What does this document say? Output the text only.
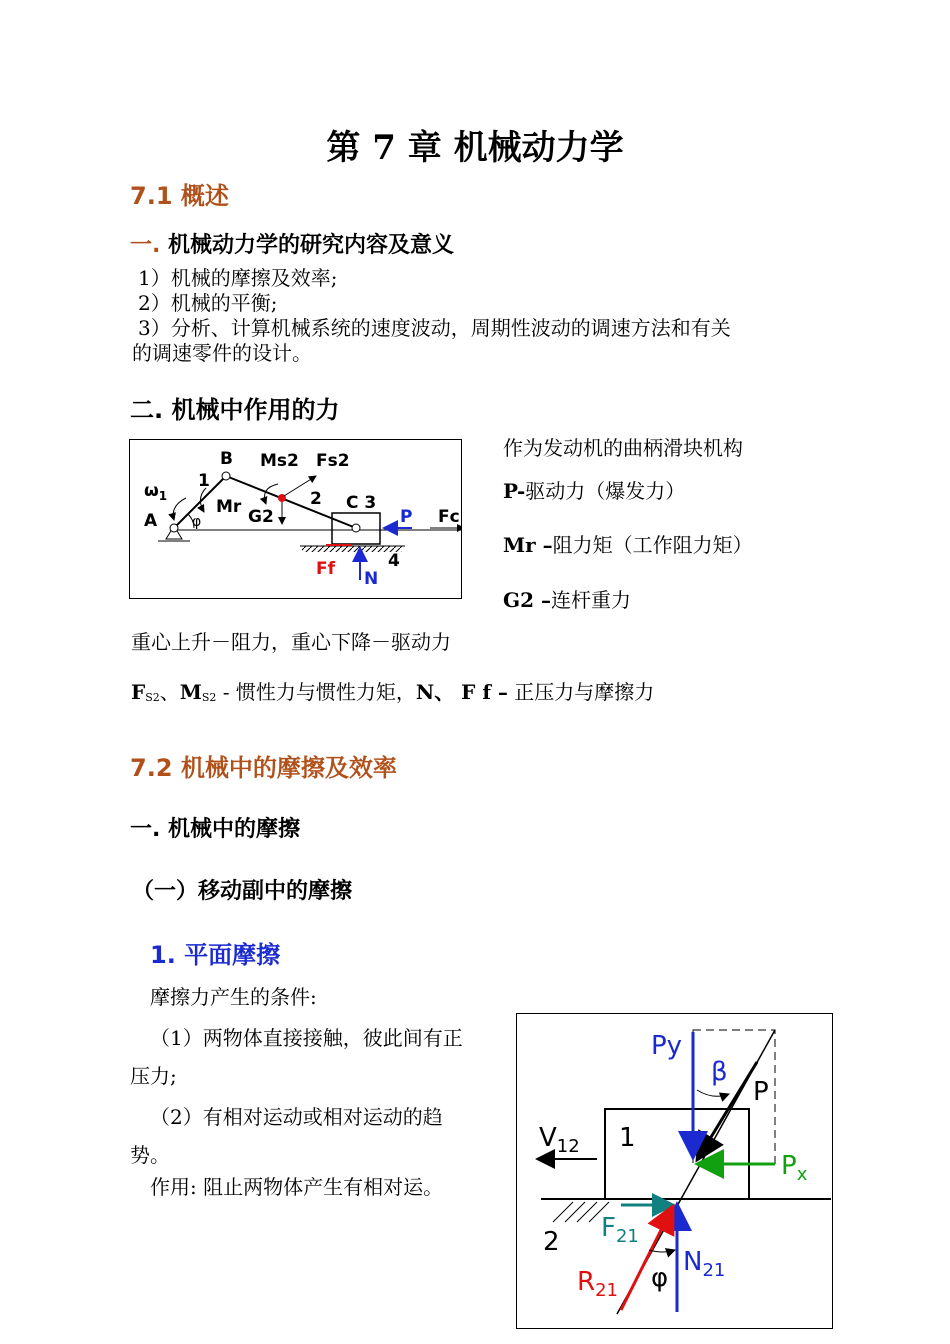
第 7 章 机械动力学
7.1 概述
一. 机械动力学的研究内容及意义
1）机械的摩擦及效率;
2）机械的平衡;
3）分析、计算机械系统的速度波动，周期性波动的调速方法和有关
的调速零件的设计。
二. 机械中作用的力
B
1
$\omega_1$
Mr
A φ	G2
Ms2 Fs2
2 C 3
P Fc
Ff N
4
作为发动机的曲柄滑块机构
P-驱动力（爆发力）
Mr –阻力矩（工作阻力矩）
G2 –连杆重力
重心上升－阻力，重心下降－驱动力
$F_{S2}$、$M_{S2}$ - 惯性力与惯性力矩，N、 F f – 正压力与摩擦力
7.2 机械中的摩擦及效率
一. 机械中的摩擦
（一）移动副中的摩擦
1. 平面摩擦
摩擦力产生的条件:
（1）两物体直接接触，彼此间有正
压力;
（2）有相对运动或相对运动的趋
势。
作用: 阻止两物体产生有相对运。
Py
β
P
$V_{12}$ 1
$P_x$
$F_{21}$
2
$N_{21}$
$R_{21}$ φ
